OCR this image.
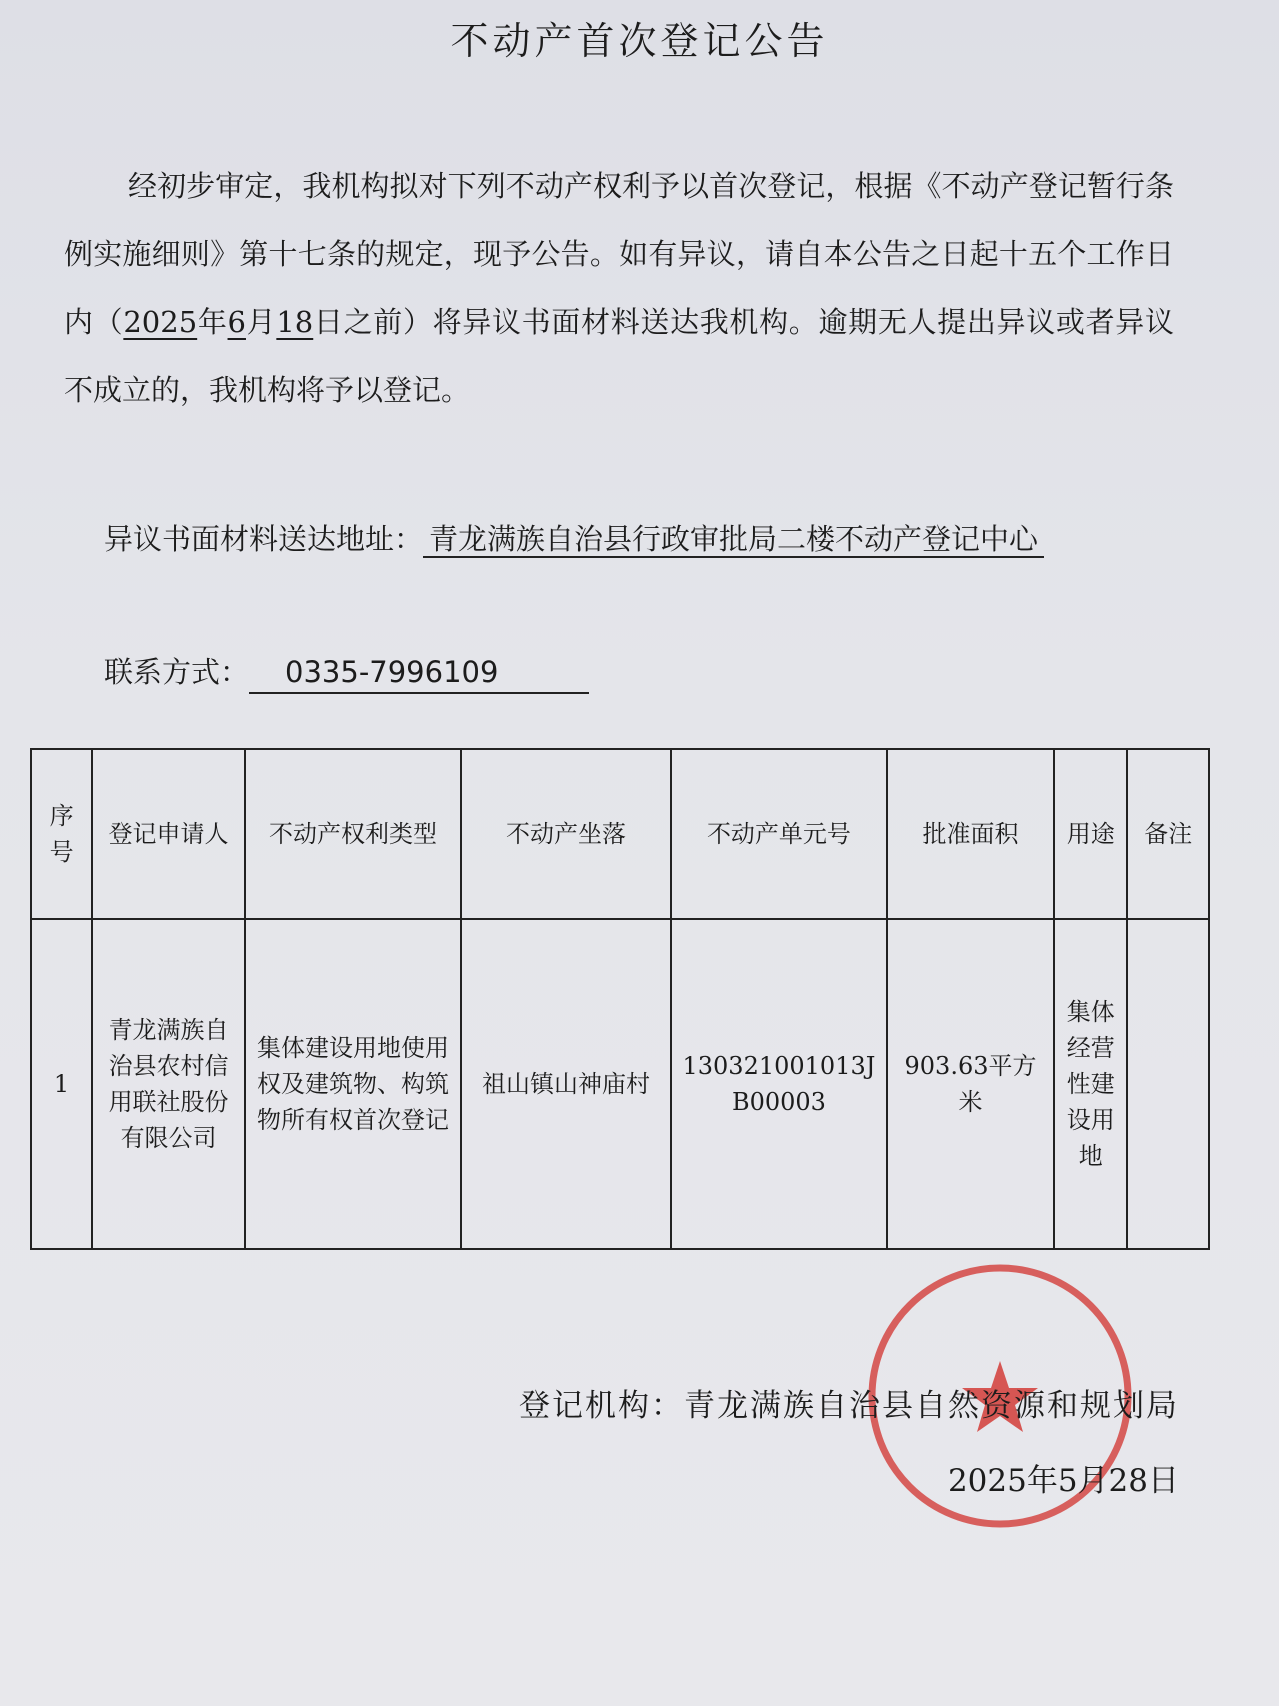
不动产首次登记公告

经初步审定，我机构拟对下列不动产权利予以首次登记，根据《不动产登记暂行条例实施细则》第十七条的规定，现予公告。如有异议，请自本公告之日起十五个工作日内（2025年6月18日之前）将异议书面材料送达我机构。逾期无人提出异议或者异议不成立的，我机构将予以登记。

异议书面材料送达地址： 青龙满族自治县行政审批局二楼不动产登记中心
联系方式： 0335-7996109
序号	登记申请人	不动产权利类型	不动产坐落	不动产单元号	批准面积	用途	备注
1	青龙满族自治县农村信用联社股份有限公司	集体建设用地使用权及建筑物、构筑物所有权首次登记	祖山镇山神庙村	130321001013JB00003	903.63平方米	集体经营性建设用地	

登记机构：青龙满族自治县自然资源和规划局

2025年5月28日
